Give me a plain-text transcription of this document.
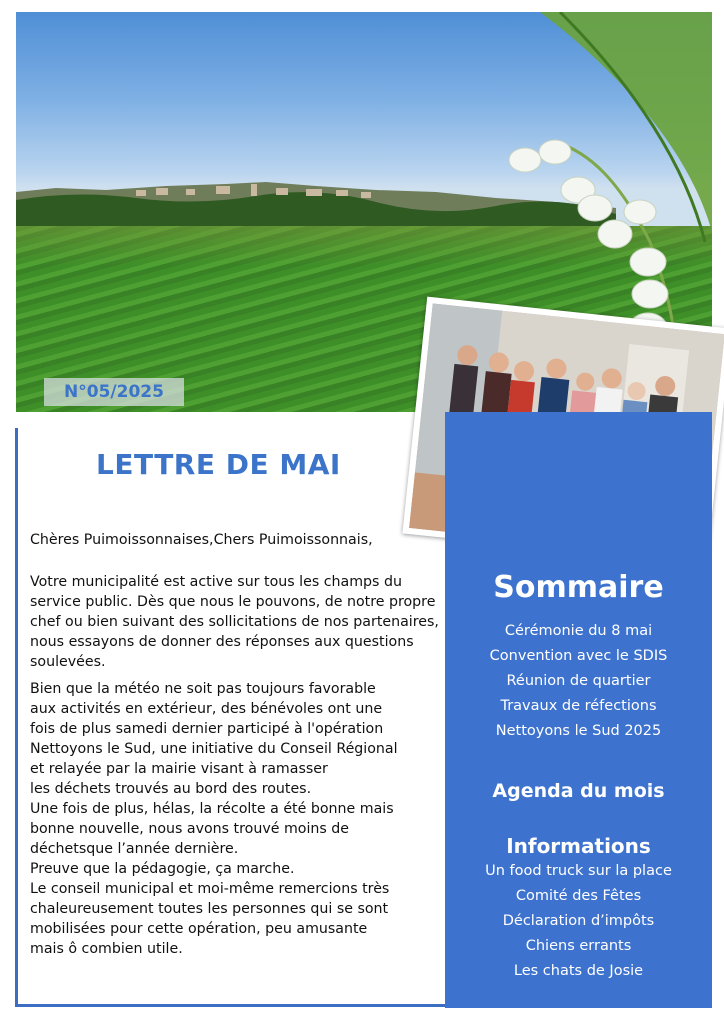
N°05/2025
LETTRE DE MAI

Chères Puimoissonnaises,Chers Puimoissonnais,

Votre municipalité est active sur tous les champs du service public. Dès que nous le pouvons, de notre propre chef ou bien suivant des sollicitations de nos partenaires, nous essayons de donner des réponses aux questions soulevées.

Bien que la météo ne soit pas toujours favorable
aux activités en extérieur, des bénévoles ont une
fois de plus samedi dernier participé à l'opération
Nettoyons le Sud, une initiative du Conseil Régional
et relayée par la mairie visant à ramasser
les déchets trouvés au bord des routes.
Une fois de plus, hélas, la récolte a été bonne mais
bonne nouvelle, nous avons trouvé moins de
déchetsque l’année dernière.
Preuve que la pédagogie, ça marche.
Le conseil municipal et moi-même remercions très
chaleureusement toutes les personnes qui se sont
mobilisées pour cette opération, peu amusante
mais ô combien utile.
Sommaire
Cérémonie du 8 mai
Convention avec le SDIS
Réunion de quartier
Travaux de réfections
Nettoyons le Sud 2025
Agenda du mois
Informations
Un food truck sur la place
Comité des Fêtes
Déclaration d’impôts
Chiens errants
Les chats de Josie
